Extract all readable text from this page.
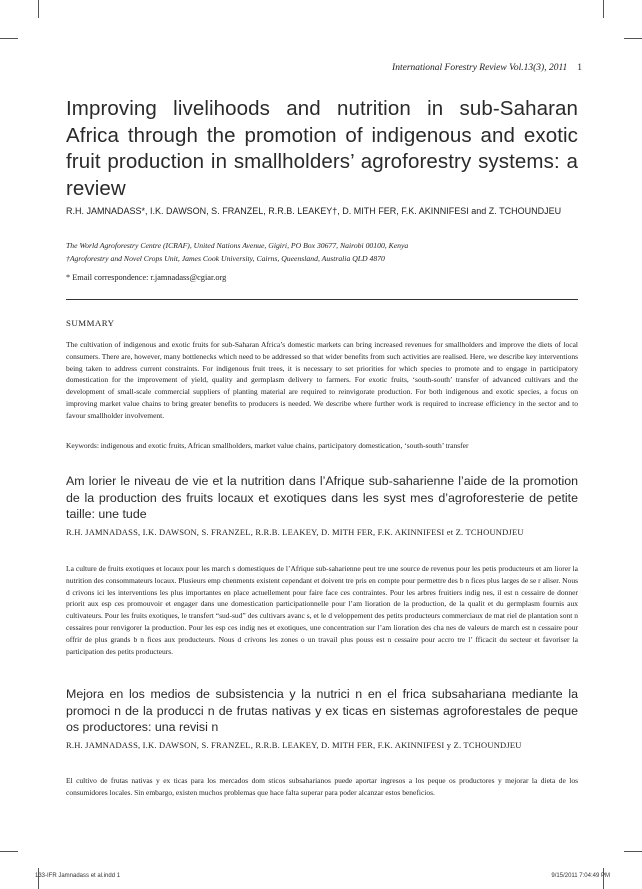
International Forestry Review Vol.13(3), 2011 1
Improving livelihoods and nutrition in sub-Saharan Africa through the promotion of indigenous and exotic fruit production in smallholders’ agroforestry systems: a review
R.H. JAMNADASS*, I.K. DAWSON, S. FRANZEL, R.R.B. LEAKEY†, D. MITH FER, F.K. AKINNIFESI and Z. TCHOUNDJEU
The World Agroforestry Centre (ICRAF), United Nations Avenue, Gigiri, PO Box 30677, Nairobi 00100, Kenya
†Agroforestry and Novel Crops Unit, James Cook University, Cairns, Queensland, Australia QLD 4870
* Email correspondence: r.jamnadass@cgiar.org
SUMMARY

The cultivation of indigenous and exotic fruits for sub-Saharan Africa’s domestic markets can bring increased revenues for smallholders and improve the diets of local consumers. There are, however, many bottlenecks which need to be addressed so that wider benefits from such activities are realised. Here, we describe key interventions being taken to address current constraints. For indigenous fruit trees, it is necessary to set priorities for which species to promote and to engage in participatory domestication for the improvement of yield, quality and germplasm delivery to farmers. For exotic fruits, ‘south-south’ transfer of advanced cultivars and the development of small-scale commercial suppliers of planting material are required to reinvigorate production. For both indigenous and exotic species, a focus on improving market value chains to bring greater benefits to producers is needed. We describe where further work is required to increase efficiency in the sector and to favour smallholder involvement.

Keywords: indigenous and exotic fruits, African smallholders, market value chains, participatory domestication, ‘south-south’ transfer

Am lorier le niveau de vie et la nutrition dans l’Afrique sub-saharienne l’aide de la promotion de la production des fruits locaux et exotiques dans les syst mes d’agroforesterie de petite taille: une tude
R.H. JAMNADASS, I.K. DAWSON, S. FRANZEL, R.R.B. LEAKEY, D. MITH FER, F.K. AKINNIFESI et Z. TCHOUNDJEU

La culture de fruits exotiques et locaux pour les march s domestiques de l’Afrique sub-saharienne peut tre une source de revenus pour les petis producteurs et am liorer la nutrition des consommateurs locaux. Plusieurs emp chenments existent cependant et doivent tre pris en compte pour permettre des b n fices plus larges de se r aliser. Nous d crivons ici les interventions les plus importantes en place actuellement pour faire face ces contraintes. Pour les arbres fruitiers indig nes, il est n cessaire de donner priorit aux esp ces promouvoir et engager dans une domestication participationnelle pour l’am lioration de la production, de la qualit et du germplasm fournis aux cultivateurs. Pour les fruits exotiques, le transfert “sud-sud” des cultivars avanc s, et le d veloppement des petits producteurs commerciaux de mat riel de plantation sont n cessaires pour renvigorer la production. Pour les esp ces indig nes et exotiques, une concentration sur l’am lioration des cha nes de valeurs de march est n cessaire pour offrir de plus grands b n fices aux producteurs. Nous d crivons les zones o un travail plus pouss est n cessaire pour accro tre l’ fficacit du secteur et favoriser la participation des petits producteurs.

Mejora en los medios de subsistencia y la nutrici n en el frica subsahariana mediante la promoci n de la producci n de frutas nativas y ex ticas en sistemas agroforestales de peque os productores: una revisi n
R.H. JAMNADASS, I.K. DAWSON, S. FRANZEL, R.R.B. LEAKEY, D. MITH FER, F.K. AKINNIFESI y Z. TCHOUNDJEU

El cultivo de frutas nativas y ex ticas para los mercados dom sticos subsaharianos puede aportar ingresos a los peque os productores y mejorar la dieta de los consumidores locales. Sin embargo, existen muchos problemas que hace falta superar para poder alcanzar estos beneficios.

133-IFR Jamnadass et al.indd 1	9/15/2011 7:04:49 PM
